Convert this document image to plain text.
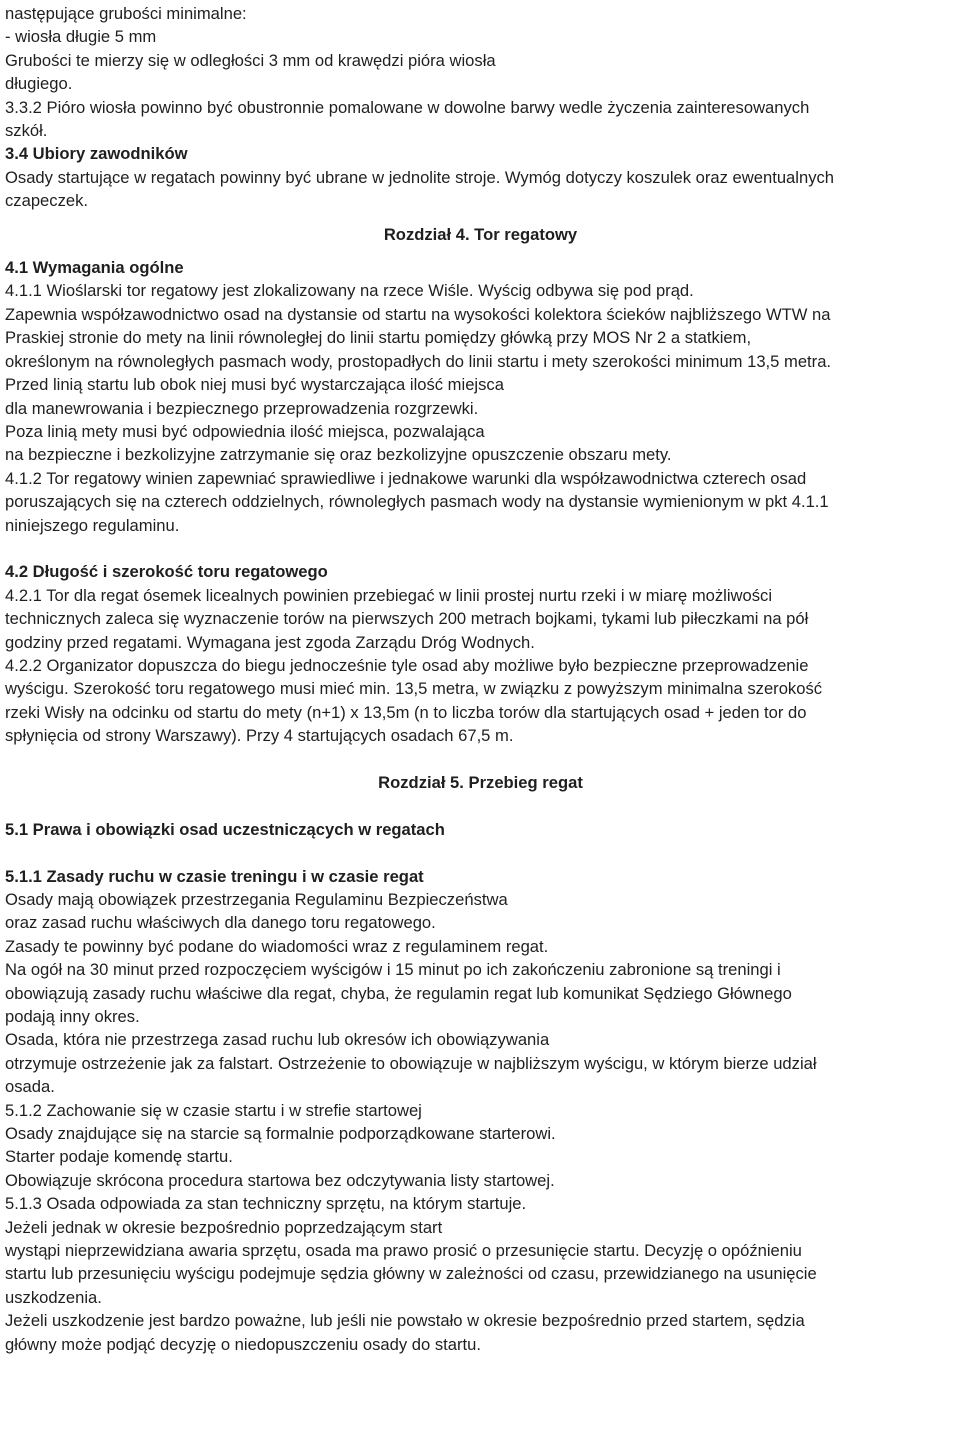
następujące grubości minimalne:
- wiosła długie 5 mm
Grubości te mierzy się w odległości 3 mm od krawędzi pióra wiosła
długiego.
3.3.2 Pióro wiosła powinno być obustronnie pomalowane w dowolne barwy wedle życzenia zainteresowanych
szkół.
3.4 Ubiory zawodników
Osady startujące w regatach powinny być ubrane w jednolite stroje. Wymóg dotyczy koszulek oraz ewentualnych
czapeczek.
Rozdział 4. Tor regatowy
4.1 Wymagania ogólne
4.1.1 Wioślarski tor regatowy jest zlokalizowany na rzece Wiśle. Wyścig odbywa się pod prąd.
Zapewnia współzawodnictwo osad na dystansie od startu na wysokości kolektora ścieków najbliższego WTW na
Praskiej stronie do mety na linii równoległej do linii startu pomiędzy główką przy MOS Nr 2 a statkiem,
określonym na równoległych pasmach wody, prostopadłych do linii startu i mety szerokości minimum 13,5 metra.
Przed linią startu lub obok niej musi być wystarczająca ilość miejsca
dla manewrowania i bezpiecznego przeprowadzenia rozgrzewki.
Poza linią mety musi być odpowiednia ilość miejsca, pozwalająca
na bezpieczne i bezkolizyjne zatrzymanie się oraz bezkolizyjne opuszczenie obszaru mety.
4.1.2 Tor regatowy winien zapewniać sprawiedliwe i jednakowe warunki dla współzawodnictwa czterech osad
poruszających się na czterech oddzielnych, równoległych pasmach wody na dystansie wymienionym w pkt 4.1.1
niniejszego regulaminu.
4.2 Długość i szerokość toru regatowego
4.2.1 Tor dla regat ósemek licealnych powinien przebiegać w linii prostej nurtu rzeki i w miarę możliwości
technicznych zaleca się wyznaczenie torów na pierwszych 200 metrach bojkami, tykami lub piłeczkami na pół
godziny przed regatami. Wymagana jest zgoda Zarządu Dróg Wodnych.
4.2.2 Organizator dopuszcza do biegu jednocześnie tyle osad aby możliwe było bezpieczne przeprowadzenie
wyścigu. Szerokość toru regatowego musi mieć min. 13,5 metra, w związku z powyższym minimalna szerokość
rzeki Wisły na odcinku od startu do mety (n+1) x 13,5m (n to liczba torów dla startujących osad + jeden tor do
spłynięcia od strony Warszawy). Przy 4 startujących osadach 67,5 m.
Rozdział 5. Przebieg regat
5.1 Prawa i obowiązki osad uczestniczących w regatach
5.1.1 Zasady ruchu w czasie treningu i w czasie regat
Osady mają obowiązek przestrzegania Regulaminu Bezpieczeństwa
oraz zasad ruchu właściwych dla danego toru regatowego.
Zasady te powinny być podane do wiadomości wraz z regulaminem regat.
Na ogół na 30 minut przed rozpoczęciem wyścigów i 15 minut po ich zakończeniu zabronione są treningi i
obowiązują zasady ruchu właściwe dla regat, chyba, że regulamin regat lub komunikat Sędziego Głównego
podają inny okres.
Osada, która nie przestrzega zasad ruchu lub okresów ich obowiązywania
otrzymuje ostrzeżenie jak za falstart. Ostrzeżenie to obowiązuje w najbliższym wyścigu, w którym bierze udział
osada.
5.1.2 Zachowanie się w czasie startu i w strefie startowej
Osady znajdujące się na starcie są formalnie podporządkowane starterowi.
Starter podaje komendę startu.
Obowiązuje skrócona procedura startowa bez odczytywania listy startowej.
5.1.3 Osada odpowiada za stan techniczny sprzętu, na którym startuje.
Jeżeli jednak w okresie bezpośrednio poprzedzającym start
wystąpi nieprzewidziana awaria sprzętu, osada ma prawo prosić o przesunięcie startu. Decyzję o opóźnieniu
startu lub przesunięciu wyścigu podejmuje sędzia główny w zależności od czasu, przewidzianego na usunięcie
uszkodzenia.
Jeżeli uszkodzenie jest bardzo poważne, lub jeśli nie powstało w okresie bezpośrednio przed startem, sędzia
główny może podjąć decyzję o niedopuszczeniu osady do startu.
